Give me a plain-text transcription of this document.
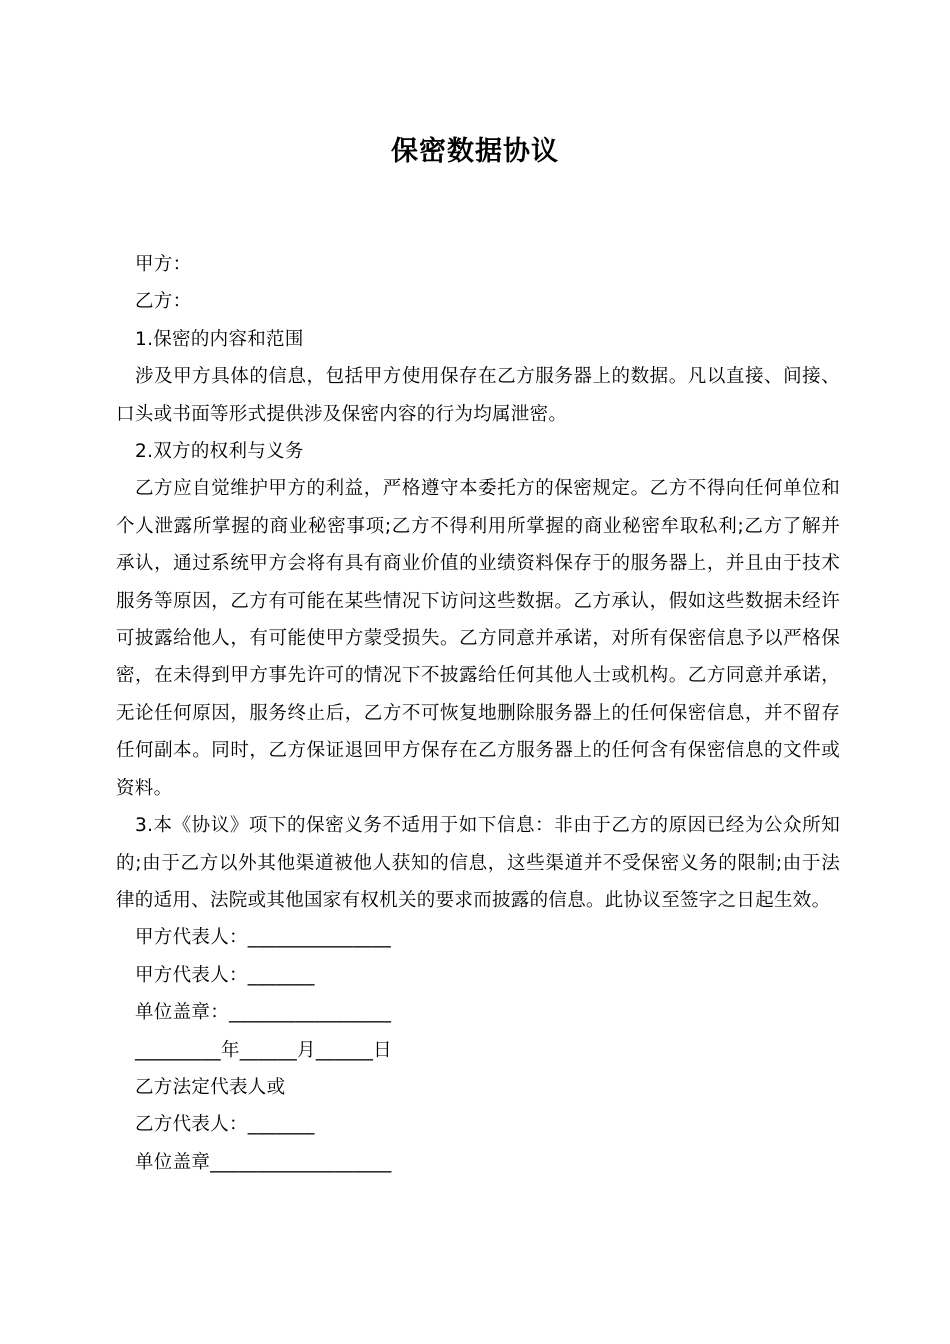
保密数据协议

甲方：

乙方：

1.保密的内容和范围

涉及甲方具体的信息，包括甲方使用保存在乙方服务器上的数据。凡以直接、间接、口头或书面等形式提供涉及保密内容的行为均属泄密。

2.双方的权利与义务

乙方应自觉维护甲方的利益，严格遵守本委托方的保密规定。乙方不得向任何单位和个人泄露所掌握的商业秘密事项;乙方不得利用所掌握的商业秘密牟取私利;乙方了解并承认，通过系统甲方会将有具有商业价值的业绩资料保存于的服务器上，并且由于技术服务等原因，乙方有可能在某些情况下访问这些数据。乙方承认，假如这些数据未经许可披露给他人，有可能使甲方蒙受损失。乙方同意并承诺，对所有保密信息予以严格保密，在未得到甲方事先许可的情况下不披露给任何其他人士或机构。乙方同意并承诺，无论任何原因，服务终止后，乙方不可恢复地删除服务器上的任何保密信息，并不留存任何副本。同时，乙方保证退回甲方保存在乙方服务器上的任何含有保密信息的文件或资料。

3.本《协议》项下的保密义务不适用于如下信息：非由于乙方的原因已经为公众所知的;由于乙方以外其他渠道被他人获知的信息，这些渠道并不受保密义务的限制;由于法律的适用、法院或其他国家有权机关的要求而披露的信息。此协议至签字之日起生效。

甲方代表人：_______________

甲方代表人：_______

单位盖章：_________________

_________年______月______日

乙方法定代表人或

乙方代表人：_______

单位盖章___________________
